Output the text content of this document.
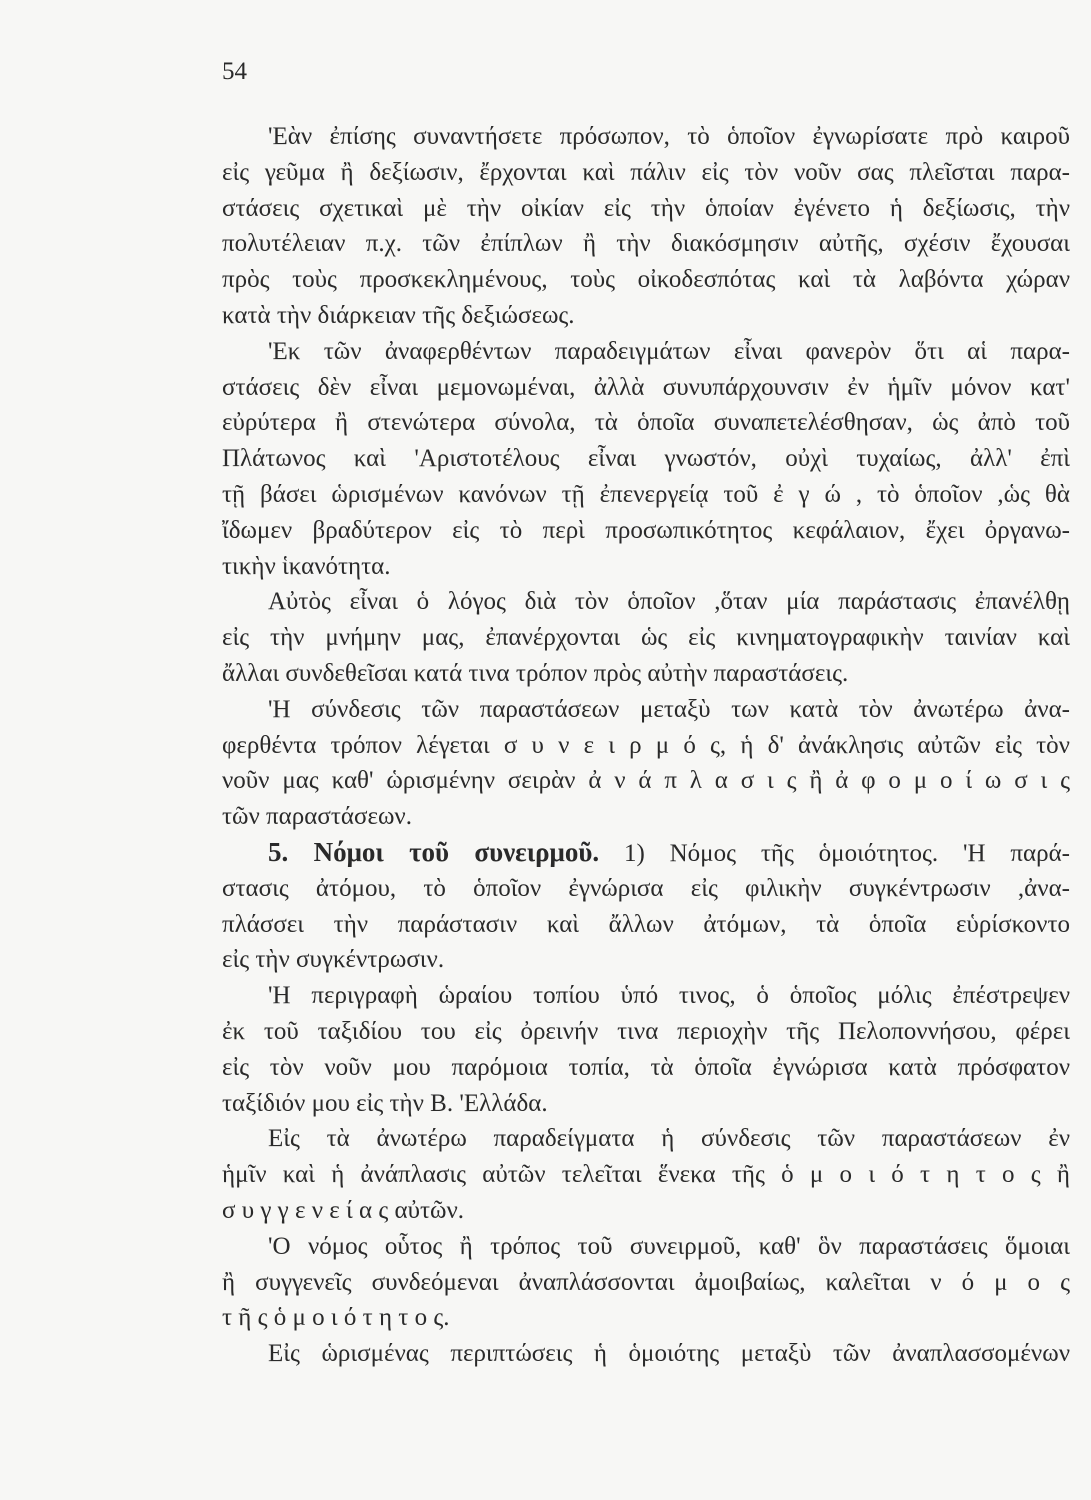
54
'Εὰν ἐπίσης συναντήσετε πρόσωπον, τὸ ὁποῖον ἐγνωρίσατε πρὸ καιροῦ
εἰς γεῦμα ἢ δεξίωσιν, ἔρχονται καὶ πάλιν εἰς τὸν νοῦν σας πλεῖσται παρα-
στάσεις σχετικαὶ μὲ τὴν οἰκίαν εἰς τὴν ὁποίαν ἐγένετο ἡ δεξίωσις, τὴν
πολυτέλειαν π.χ. τῶν ἐπίπλων ἢ τὴν διακόσμησιν αὐτῆς, σχέσιν ἔχουσαι
πρὸς τοὺς προσκεκλημένους, τοὺς οἰκοδεσπότας καὶ τὰ λαβόντα χώραν
κατὰ τὴν διάρκειαν τῆς δεξιώσεως.
'Εκ τῶν ἀναφερθέντων παραδειγμάτων εἶναι φανερὸν ὅτι αἱ παρα-
στάσεις δὲν εἶναι μεμονωμέναι, ἀλλὰ συνυπάρχουνσιν ἐν ἡμῖν μόνον κατ'
εὐρύτερα ἢ στενώτερα σύνολα, τὰ ὁποῖα συναπετελέσθησαν, ὡς ἀπὸ τοῦ
Πλάτωνος καὶ 'Αριστοτέλους εἶναι γνωστόν, οὐχὶ τυχαίως, ἀλλ' ἐπὶ
τῇ βάσει ὡρισμένων κανόνων τῇ ἐπενεργείᾳ τοῦ ἐ γ ώ , τὸ ὁποῖον ,ὡς θὰ
ἴδωμεν βραδύτερον εἰς τὸ περὶ προσωπικότητος κεφάλαιον, ἔχει ὀργανω-
τικὴν ἱκανότητα.
Αὐτὸς εἶναι ὁ λόγος διὰ τὸν ὁποῖον ,ὅταν μία παράστασις ἐπανέλθῃ
εἰς τὴν μνήμην μας, ἐπανέρχονται ὡς εἰς κινηματογραφικὴν ταινίαν καὶ
ἄλλαι συνδεθεῖσαι κατά τινα τρόπον πρὸς αὐτὴν παραστάσεις.
'Η σύνδεσις τῶν παραστάσεων μεταξὺ των κατὰ τὸν ἀνωτέρω ἀνα-
φερθέντα τρόπον λέγεται σ υ ν ε ι ρ μ ό ς, ἡ δ' ἀνάκλησις αὐτῶν εἰς τὸν
νοῦν μας καθ' ὡρισμένην σειρὰν ἀ ν ά π λ α σ ι ς ἢ ἀ φ ο μ ο ί ω σ ι ς
τῶν παραστάσεων.
5. Νόμοι τοῦ συνειρμοῦ. 1) Νόμος τῆς ὁμοιότητος. 'Η παρά-
στασις ἀτόμου, τὸ ὁποῖον ἐγνώρισα εἰς φιλικὴν συγκέντρωσιν ,ἀνα-
πλάσσει τὴν παράστασιν καὶ ἄλλων ἀτόμων, τὰ ὁποῖα εὑρίσκοντο
εἰς τὴν συγκέντρωσιν.
'Η περιγραφὴ ὡραίου τοπίου ὑπό τινος, ὁ ὁποῖος μόλις ἐπέστρεψεν
ἐκ τοῦ ταξιδίου του εἰς ὀρεινήν τινα περιοχὴν τῆς Πελοποννήσου, φέρει
εἰς τὸν νοῦν μου παρόμοια τοπία, τὰ ὁποῖα ἐγνώρισα κατὰ πρόσφατον
ταξίδιόν μου εἰς τὴν Β. 'Ελλάδα.
Εἰς τὰ ἀνωτέρω παραδείγματα ἡ σύνδεσις τῶν παραστάσεων ἐν
ἡμῖν καὶ ἡ ἀνάπλασις αὐτῶν τελεῖται ἕνεκα τῆς ὁ μ ο ι ό τ η τ ο ς ἢ
σ υ γ γ ε ν ε ί α ς αὐτῶν.
'Ο νόμος οὗτος ἢ τρόπος τοῦ συνειρμοῦ, καθ' ὃν παραστάσεις ὅμοιαι
ἢ συγγενεῖς συνδεόμεναι ἀναπλάσσονται ἀμοιβαίως, καλεῖται ν ό μ ο ς
τ ῆ ς ὁ μ ο ι ό τ η τ ο ς.
Εἰς ὡρισμένας περιπτώσεις ἡ ὁμοιότης μεταξὺ τῶν ἀναπλασσομένων
